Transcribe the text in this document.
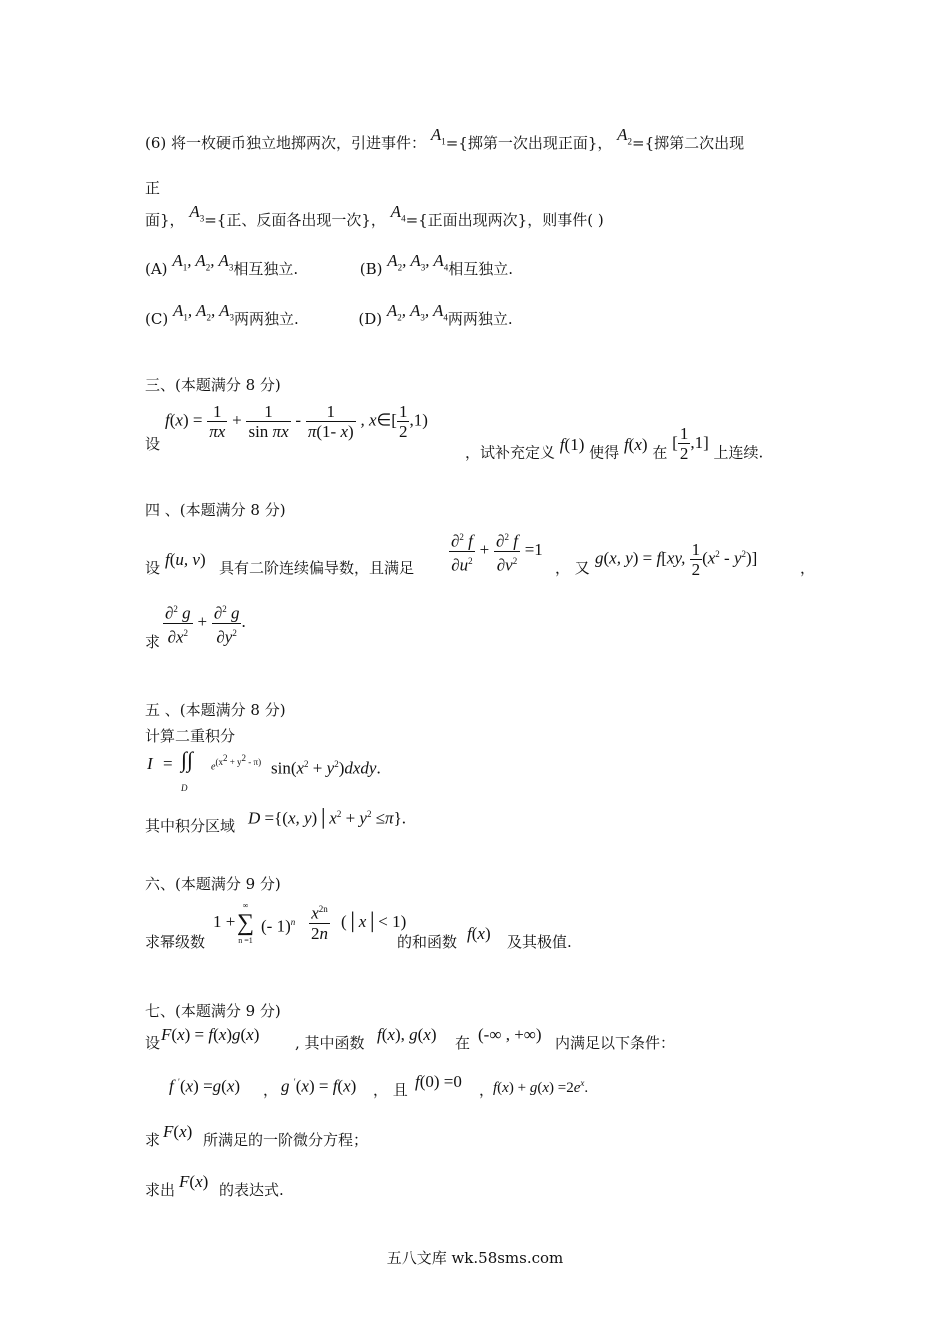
(6) 将一枚硬币独立地掷两次，引进事件： $A_1=${掷第一次出现正面}， $A_2=${掷第二次出现
正
面}， $A_3=${正、反面各出现一次}， $A_4=${正面出现两次}，则事件( )
(A) $A_1$, $A_2$, $A_3$相互独立.	(B) $A_2$, $A_3$, $A_4$相互独立.
(C) $A_1$, $A_2$, $A_3$两两独立.	(D) $A_2$, $A_3$, $A_4$两两独立.
三、(本题满分 8 分)
设
$f(x) = \frac{1}{\pi x} + \frac{1}{\text{sin πx}} - \frac{1}{\pi(1- x)}$ , x∈[ $\frac{1}{2} ,1$)
，试补充定义 f(1) 使得 f(x) 在 [ $\frac{1}{2} ,1$] 上连续.
四 、(本题满分 8 分)
设 f(u, v) 具有二阶连续偏导数，且满足 $\frac{\partial^2 f}{\partial u^2} + \frac{\partial^2 f}{\partial v^2} =1$
， 又
g(x, y) = f[xy, $\frac{1}{2} (x^2 - y^2)$]
，
求 $\frac{\partial^2 g}{\partial x^2} + \frac{\partial^2 g}{\partial y^2}$ .
五 、(本题满分 8 分)
计算二重积分
I = ∫∫
D
$e^{(x^2 + y^2 - \pi)}$ $\sin(x^2$ + $y^2)dxdy$.
其中积分区域 D ={(x, $y)│x^2 + y^2 \le\pi$}.
六、(本题满分 9 分)
求幂级数
1 +
∞
∑
n =1
(- $1)^n \frac{x^{2n}}{2n}$ (│x│< 1)
的和函数 f(x) 及其极值.
七、(本题满分 9 分)
设 F(x) = f(x)g(x) , 其中函数 f(x), g(x) 在 (-∞ , +∞) 内满足以下条件：
f ′(x) =g(x) ， g ′(x) = f(x) ， 且 f(0) =0 ，
$f(x) + g(x) =2e^x$.
求 F(x) 所满足的一阶微分方程；
求出 F(x) 的表达式.
五八文库 wk.58sms.com
